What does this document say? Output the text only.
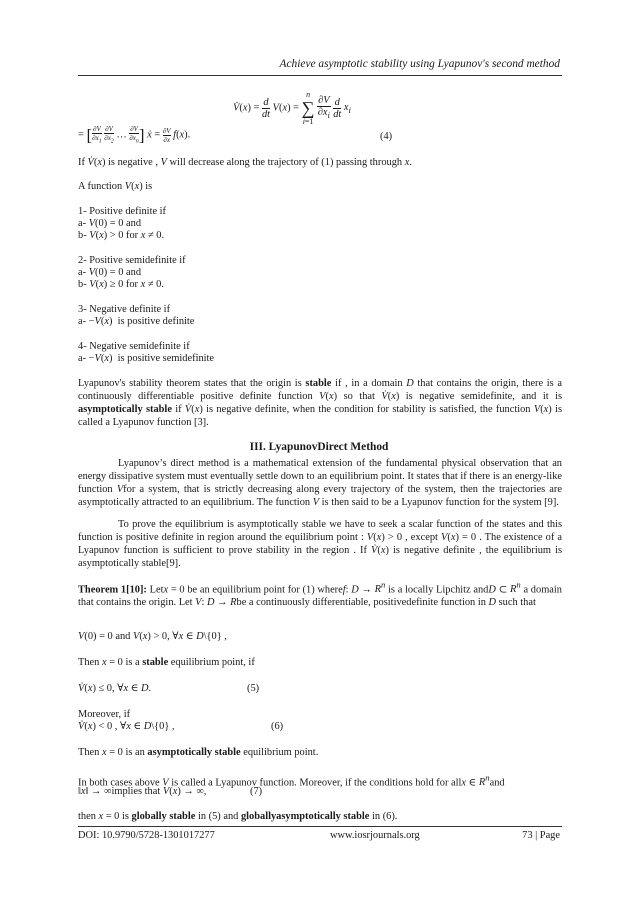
Achieve asymptotic stability using Lyapunov's second method
V̇(x) = $\frac{d}{dt} V(x)$ =
n
∑
i=1

$\frac{\partial V}{\partial x_i}$
$\frac{d}{dt} x_i$
= [ $\frac{\partial V}{\partial x_1}$
$\frac{\partial V}{\partial x_2}$ … $\frac{\partial V}{\partial x_n}$ ] ẋ = $\frac{\partial V}{\partial x} f(x)$.	(4)
If V̇(x) is negative , V will decrease along the trajectory of (1) passing through x.
A function V(x) is
1- Positive definite if
a- V(0) = 0 and
b- V(x) > 0 for x ≠ 0.
2- Positive semidefinite if
a- V(0) = 0 and
b- V(x) ≥ 0 for x ≠ 0.
3- Negative definite if
a- −V(x)  is positive definite
4- Negative semidefinite if
a- −V(x)  is positive semidefinite
Lyapunov's stability theorem states that the origin is stable if , in a domain D that contains the origin, there is a continuously differentiable positive definite function V(x) so that V̇(x) is negative semidefinite, and it is asymptotically stable if V̇(x) is negative definite, when the condition for stability is satisfied, the function V(x) is called a Lyapunov function [3].
III. LyapunovDirect Method
Lyapunov’s direct method is a mathematical extension of the fundamental physical observation that an energy dissipative system must eventually settle down to an equilibrium point. It states that if there is an energy-like function Vfor a system, that is strictly decreasing along every trajectory of the system, then the trajectories are asymptotically attracted to an equilibrium. The function V is then said to be a Lyapunov function for the system [9].
To prove the equilibrium is asymptotically stable we have to seek a scalar function of the states and this function is positive definite in region around the equilibrium point : V(x) > 0 , except V(x) = 0 . The existence of a Lyapunov function is sufficient to prove stability in the region . If V̇(x) is negative definite , the equilibrium is asymptotically stable[9].
Theorem 1[10]: Letx = 0 be an equilibrium point for (1) wheref: $D \to R^n$ is a locally Lipchitz andD ⊂ $R^n$ a domain that contains the origin. Let V: D → Rbe a continuously differentiable, positivedefinite function in D such that
V(0) = 0 and V(x) > 0, ∀x ∈ D\{0} ,
Then x = 0 is a stable equilibrium point, if
V̇(x) ≤ 0, ∀x ∈ D.	(5)
Moreover, if
V̇(x) < 0 , ∀x ∈ D\{0} ,	(6)
Then x = 0 is an asymptotically stable equilibrium point.
In both cases above V is called a Lyapunov function. Moreover, if the conditions hold for allx ∈ $R^nand$
‖x‖ → ∞implies that V(x) → ∞,	(7)
then x = 0 is globally stable in (5) and globallyasymptotically stable in (6).
DOI: 10.9790/5728-1301017277	www.iosrjournals.org	73 | Page
